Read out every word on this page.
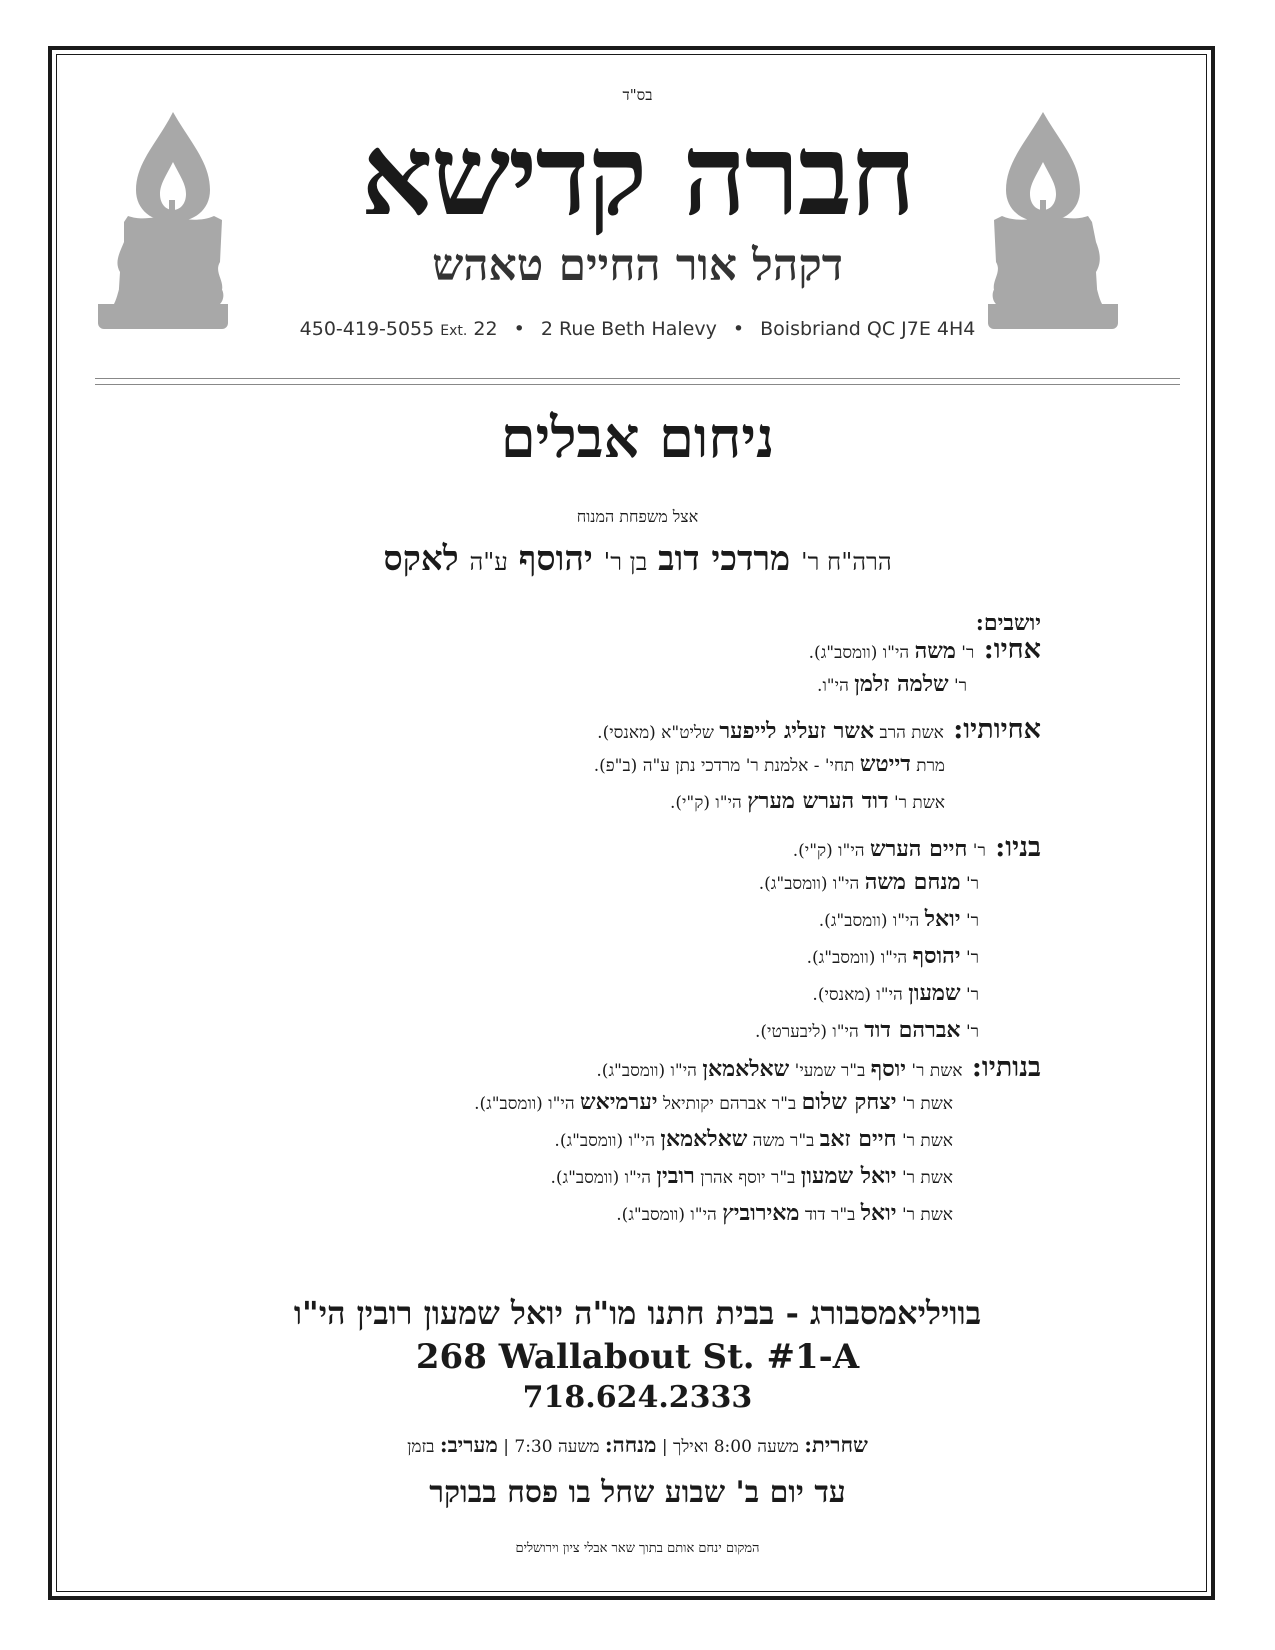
בס"ד
חברה קדישא
דקהל אור החיים טאהש
450-419-5055 Ext. 22 • 2 Rue Beth Halevy • Boisbriand QC J7E 4H4
ניחום אבלים
אצל משפחת המנוח
הרה"ח ר' מרדכי דוב בן ר' יהוסף ע"ה לאקס
יושבים:
אחיו: ר' משה הי"ו (וומסב"ג).
ר' שלמה זלמן הי"ו.
אחיותיו: אשת הרב אשר זעליג לייפער שליט"א (מאנסי).
מרת דייטש תחי' - אלמנת ר' מרדכי נתן ע"ה (ב"פ).
אשת ר' דוד הערש מערץ הי"ו (ק"י).
בניו: ר' חיים הערש הי"ו (ק"י).
ר' מנחם משה הי"ו (וומסב"ג).
ר' יואל הי"ו (וומסב"ג).
ר' יהוסף הי"ו (וומסב"ג).
ר' שמעון הי"ו (מאנסי).
ר' אברהם דוד הי"ו (ליבערטי).
בנותיו: אשת ר' יוסף ב"ר שמעי' שאלאמאן הי"ו (וומסב"ג).
אשת ר' יצחק שלום ב"ר אברהם יקותיאל יערמיאש הי"ו (וומסב"ג).
אשת ר' חיים זאב ב"ר משה שאלאמאן הי"ו (וומסב"ג).
אשת ר' יואל שמעון ב"ר יוסף אהרן רובין הי"ו (וומסב"ג).
אשת ר' יואל ב"ר דוד מאירוביץ הי"ו (וומסב"ג).
בוויליאמסבורג - בבית חתנו מו"ה יואל שמעון רובין הי"ו
268 Wallabout St. #1-A
718.624.2333
שחרית: משעה 8:00 ואילך | מנחה: משעה 7:30 | מעריב: בזמן
עד יום ב' שבוע שחל בו פסח בבוקר
המקום ינחם אותם בתוך שאר אבלי ציון וירושלים
